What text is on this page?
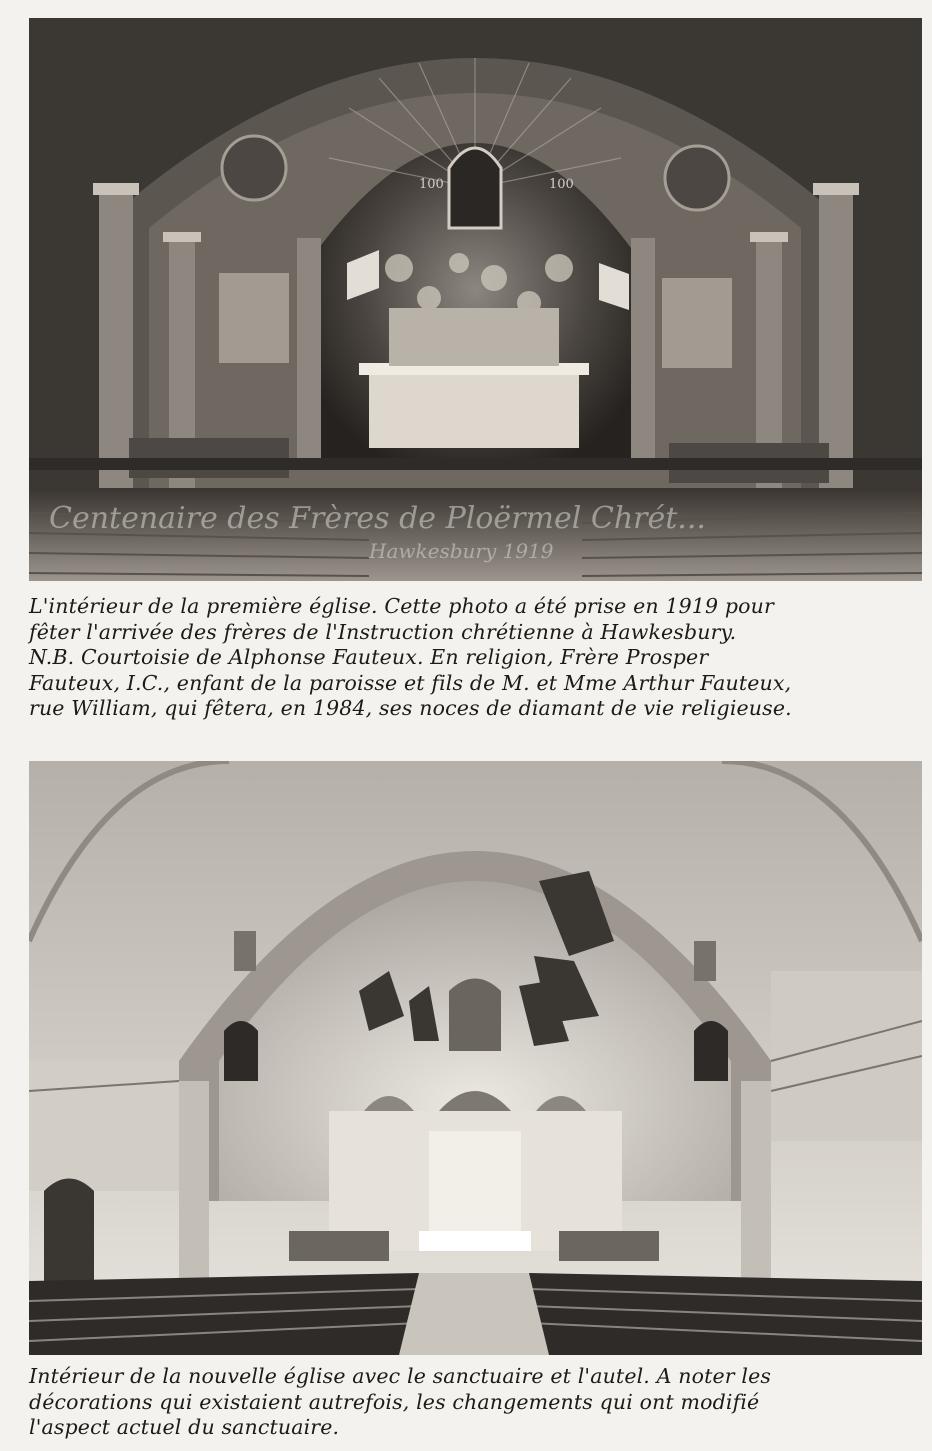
100	100
Centenaire des Frères de Ploërmel Chrét...
Hawkesbury 1919

L'intérieur de la première église. Cette photo a été prise en 1919 pour

fêter l'arrivée des frères de l'Instruction chrétienne à Hawkesbury.

N.B. Courtoisie de Alphonse Fauteux. En religion, Frère Prosper

Fauteux, I.C., enfant de la paroisse et fils de M. et Mme Arthur Fauteux,

rue William, qui fêtera, en 1984, ses noces de diamant de vie religieuse.

Intérieur de la nouvelle église avec le sanctuaire et l'autel. A noter les

décorations qui existaient autrefois, les changements qui ont modifié

l'aspect actuel du sanctuaire.
